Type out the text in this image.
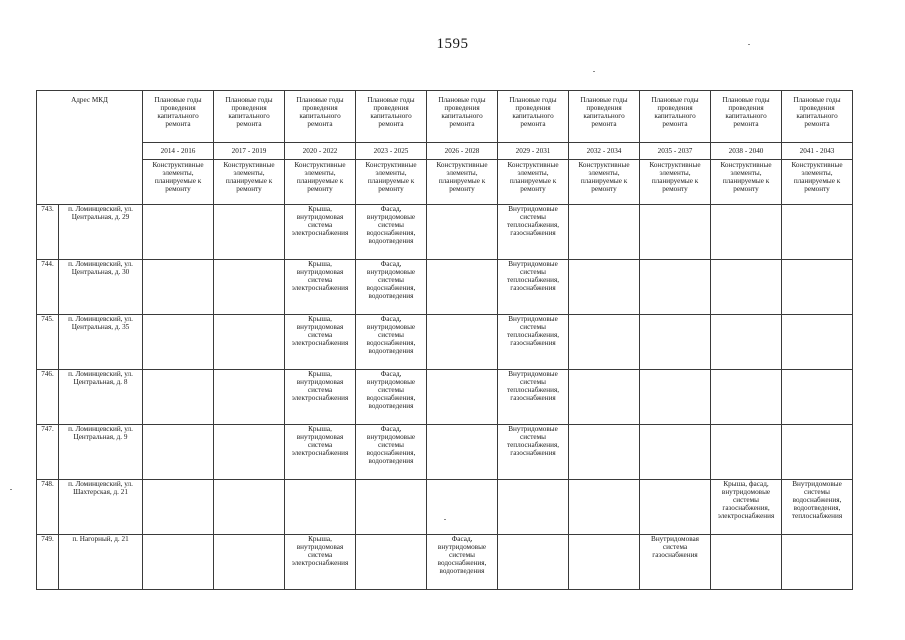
1595
Адрес МКД		Плановые годы проведения капитального ремонта	Плановые годы проведения капитального ремонта	Плановые годы проведения капитального ремонта	Плановые годы проведения капитального ремонта	Плановые годы проведения капитального ремонта	Плановые годы проведения капитального ремонта	Плановые годы проведения капитального ремонта	Плановые годы проведения капитального ремонта	Плановые годы проведения капитального ремонта	Плановые годы проведения капитального ремонта
		2014 - 2016	2017 - 2019	2020 - 2022	2023 - 2025	2026 - 2028	2029 - 2031	2032 - 2034	2035 - 2037	2038 - 2040	2041 - 2043
		Конструктивные элементы, планируемые к ремонту	Конструктивные элементы, планируемые к ремонту	Конструктивные элементы, планируемые к ремонту	Конструктивные элементы, планируемые к ремонту	Конструктивные элементы, планируемые к ремонту	Конструктивные элементы, планируемые к ремонту	Конструктивные элементы, планируемые к ремонту	Конструктивные элементы, планируемые к ремонту	Конструктивные элементы, планируемые к ремонту	Конструктивные элементы, планируемые к ремонту
743.	п. Ломинцевский, ул. Центральная, д. 29			Крыша, внутридомовая система электроснабжения	Фасад, внутридомовые системы водоснабжения, водоотведения		Внутридомовые системы теплоснабжения, газоснабжения				
744.	п. Ломинцевский, ул. Центральная, д. 30			Крыша, внутридомовая система электроснабжения	Фасад, внутридомовые системы водоснабжения, водоотведения		Внутридомовые системы теплоснабжения, газоснабжения				
745.	п. Ломинцевский, ул. Центральная, д. 35			Крыша, внутридомовая система электроснабжения	Фасад, внутридомовые системы водоснабжения, водоотведения		Внутридомовые системы теплоснабжения, газоснабжения				
746.	п. Ломинцевский, ул. Центральная, д. 8			Крыша, внутридомовая система электроснабжения	Фасад, внутридомовые системы водоснабжения, водоотведения		Внутридомовые системы теплоснабжения, газоснабжения				
747.	п. Ломинцевский, ул. Центральная, д. 9			Крыша, внутридомовая система электроснабжения	Фасад, внутридомовые системы водоснабжения, водоотведения		Внутридомовые системы теплоснабжения, газоснабжения				
748.	п. Ломинцевский, ул. Шахтерская, д. 21									Крыша, фасад, внутридомовые системы газоснабжения, электроснабжения	Внутридомовые системы водоснабжения, водоотведения, теплоснабжения
749.	п. Нагорный, д. 21			Крыша, внутридомовая система электроснабжения		Фасад, внутридомовые системы водоснабжения, водоотведения			Внутридомовая система газоснабжения		
